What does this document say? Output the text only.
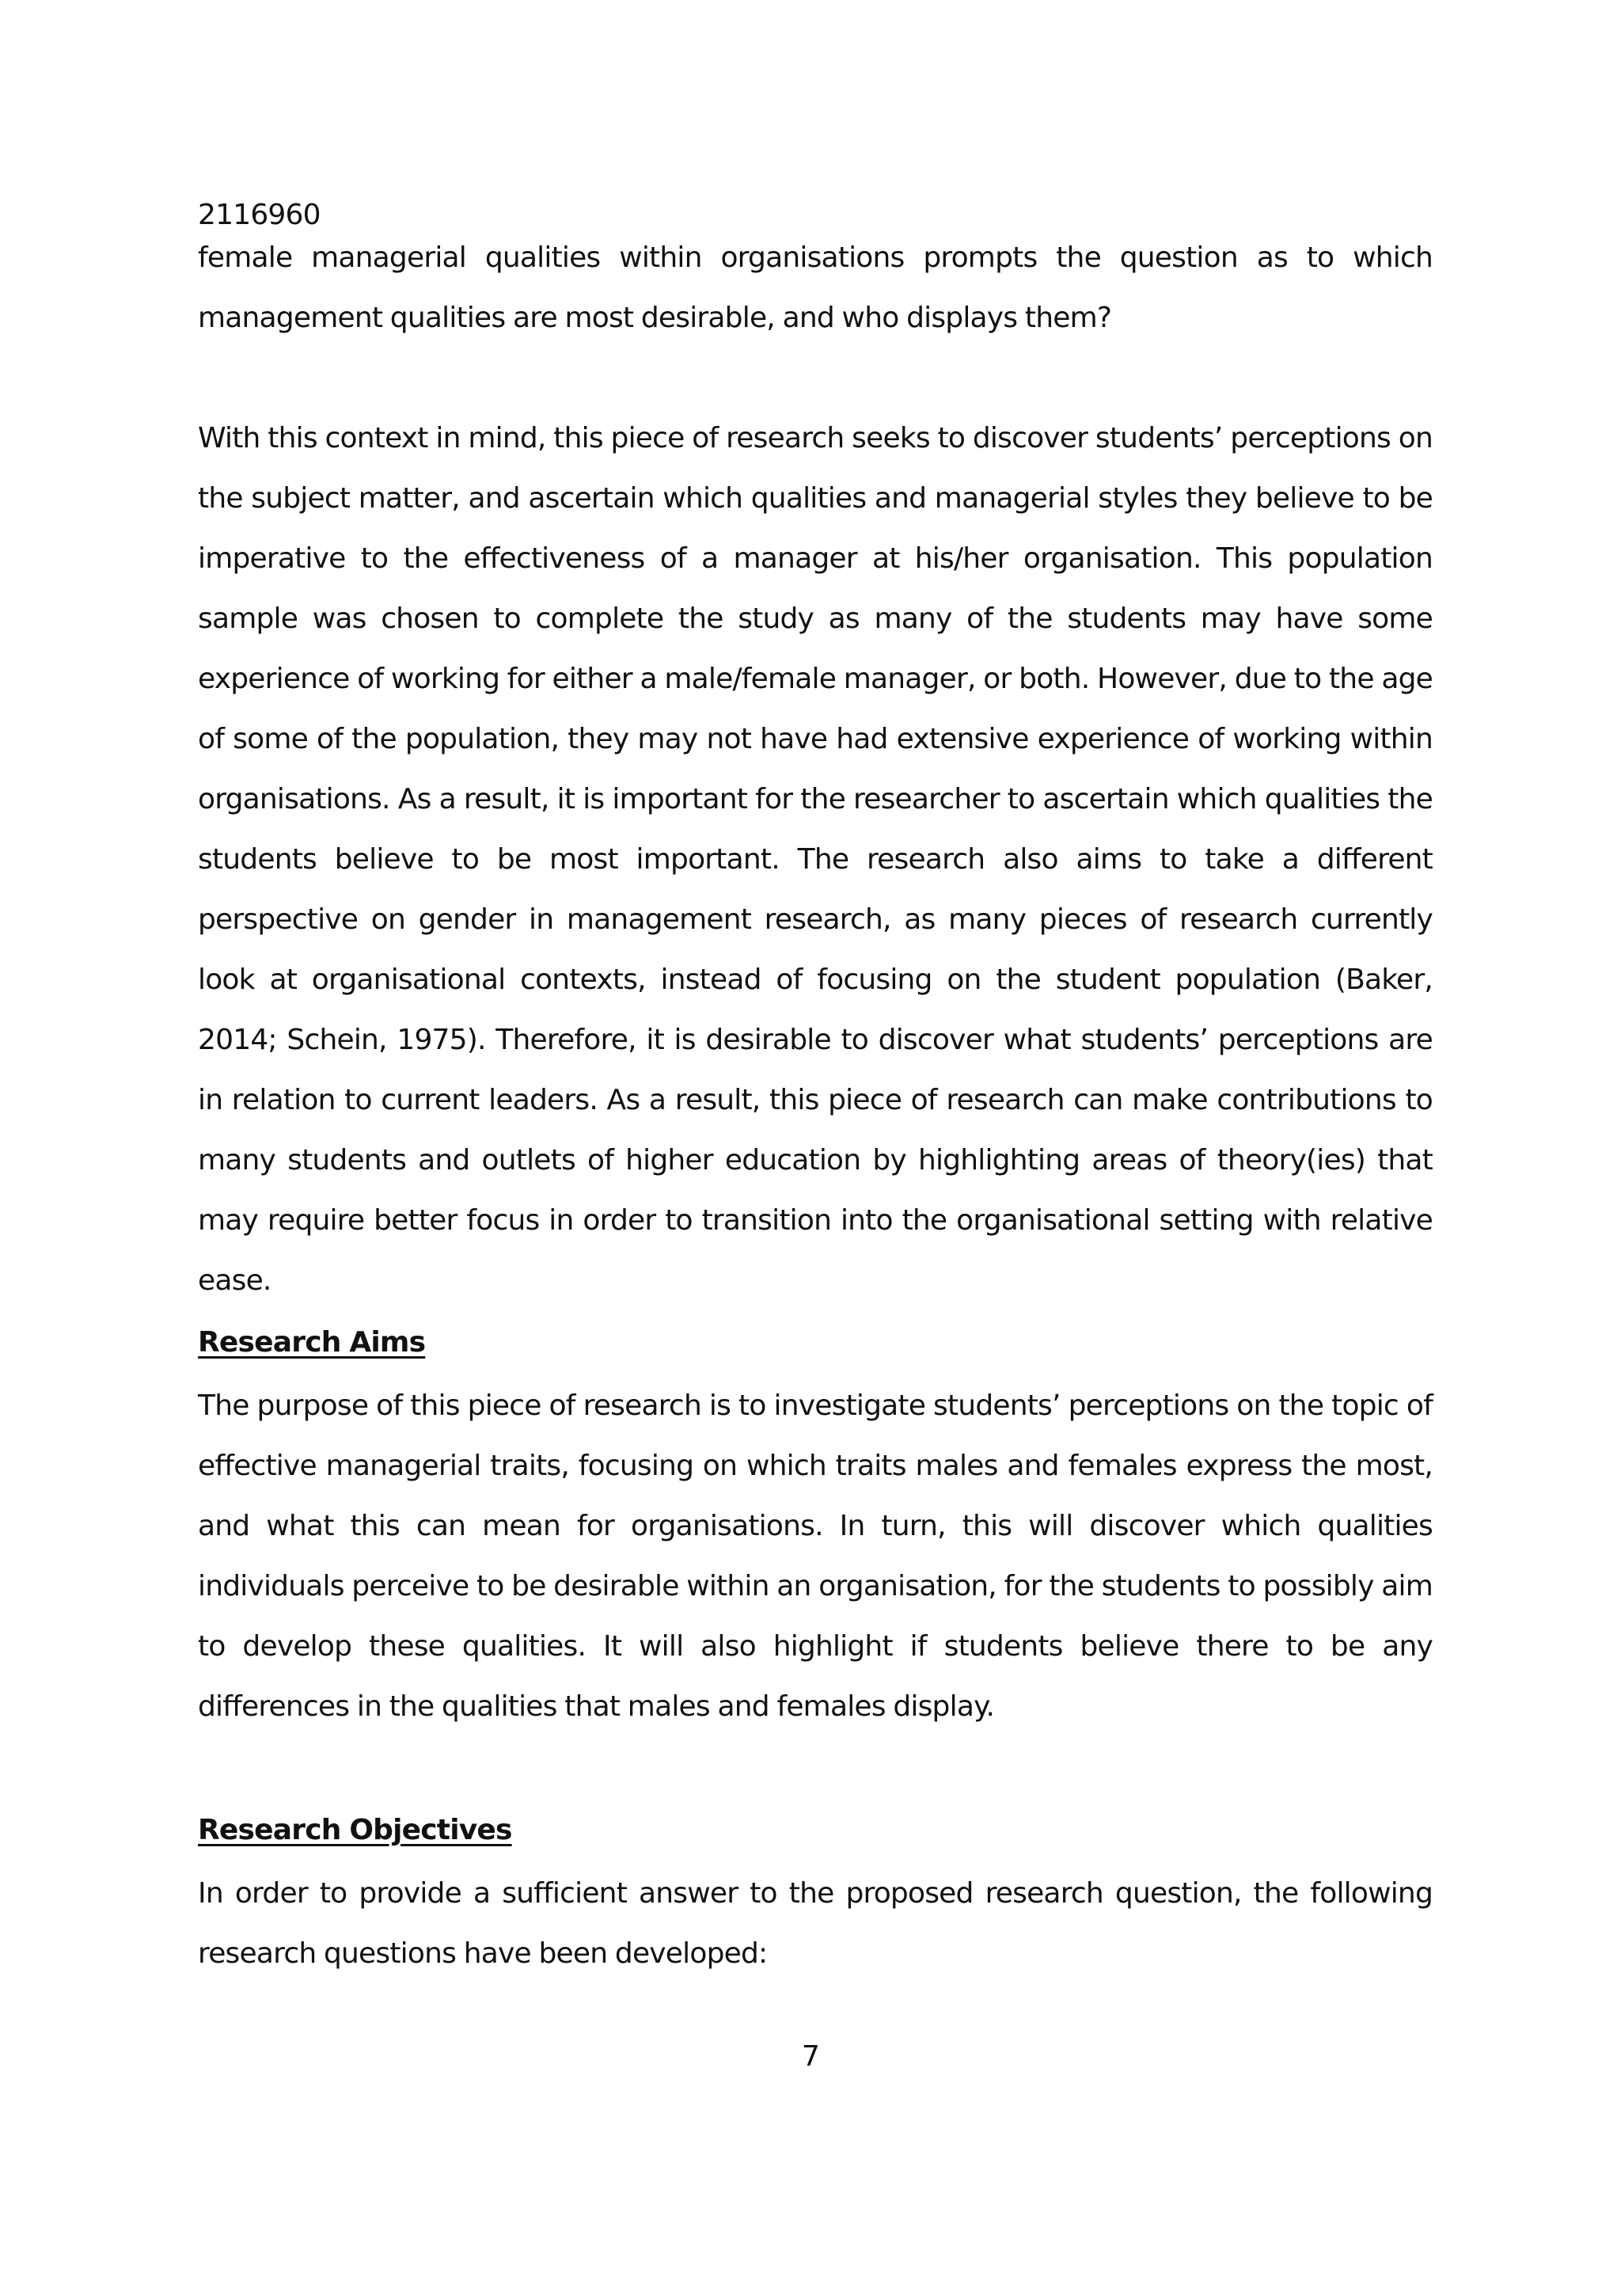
2116960
female managerial qualities within organisations prompts the question as to which management qualities are most desirable, and who displays them?
With this context in mind, this piece of research seeks to discover students’ perceptions on the subject matter, and ascertain which qualities and managerial styles they believe to be imperative to the effectiveness of a manager at his/her organisation. This population sample was chosen to complete the study as many of the students may have some experience of working for either a male/female manager, or both. However, due to the age of some of the population, they may not have had extensive experience of working within organisations. As a result, it is important for the researcher to ascertain which qualities the students believe to be most important. The research also aims to take a different perspective on gender in management research, as many pieces of research currently look at organisational contexts, instead of focusing on the student population (Baker, 2014; Schein, 1975). Therefore, it is desirable to discover what students’ perceptions are in relation to current leaders. As a result, this piece of research can make contributions to many students and outlets of higher education by highlighting areas of theory(ies) that may require better focus in order to transition into the organisational setting with relative ease.
Research Aims
The purpose of this piece of research is to investigate students’ perceptions on the topic of effective managerial traits, focusing on which traits males and females express the most, and what this can mean for organisations. In turn, this will discover which qualities individuals perceive to be desirable within an organisation, for the students to possibly aim to develop these qualities. It will also highlight if students believe there to be any differences in the qualities that males and females display.
Research Objectives
In order to provide a sufficient answer to the proposed research question, the following research questions have been developed:
7
